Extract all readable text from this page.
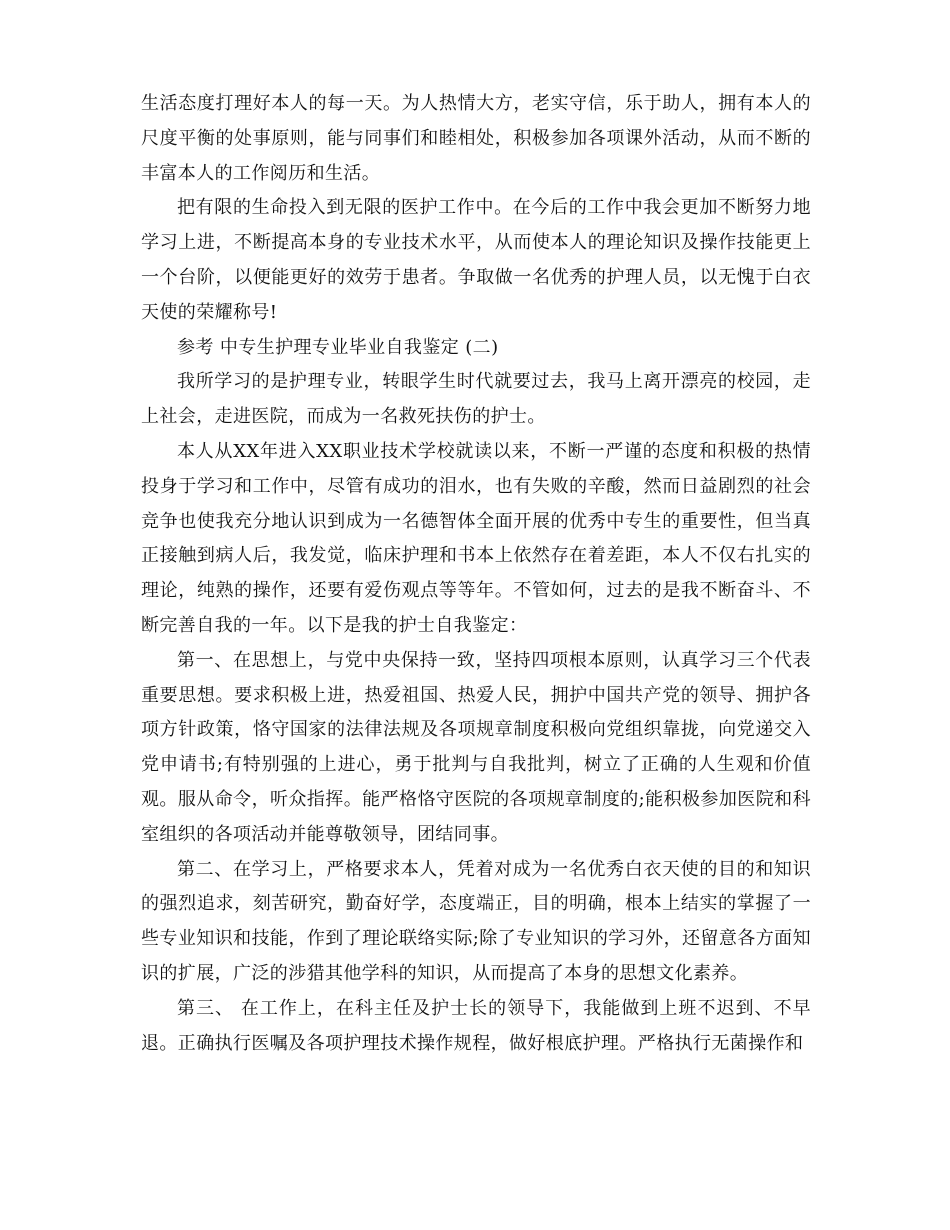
生活态度打理好本人的每一天。为人热情大方，老实守信，乐于助人，拥有本人的尺度平衡的处事原则，能与同事们和睦相处，积极参加各项课外活动，从而不断的丰富本人的工作阅历和生活。

把有限的生命投入到无限的医护工作中。在今后的工作中我会更加不断努力地学习上进，不断提高本身的专业技术水平，从而使本人的理论知识及操作技能更上一个台阶，以便能更好的效劳于患者。争取做一名优秀的护理人员，以无愧于白衣天使的荣耀称号!

参考 中专生护理专业毕业自我鉴定 (二)

我所学习的是护理专业，转眼学生时代就要过去，我马上离开漂亮的校园，走上社会，走进医院，而成为一名救死扶伤的护士。

本人从XX年进入XX职业技术学校就读以来，不断一严谨的态度和积极的热情投身于学习和工作中，尽管有成功的泪水，也有失败的辛酸，然而日益剧烈的社会竞争也使我充分地认识到成为一名德智体全面开展的优秀中专生的重要性，但当真正接触到病人后，我发觉，临床护理和书本上依然存在着差距，本人不仅右扎实的理论，纯熟的操作，还要有爱伤观点等等年。不管如何，过去的是我不断奋斗、不断完善自我的一年。以下是我的护士自我鉴定：

第一、在思想上，与党中央保持一致，坚持四项根本原则，认真学习三个代表重要思想。要求积极上进，热爱祖国、热爱人民，拥护中国共产党的领导、拥护各项方针政策，恪守国家的法律法规及各项规章制度积极向党组织靠拢，向党递交入党申请书;有特别强的上进心，勇于批判与自我批判，树立了正确的人生观和价值观。服从命令，听众指挥。能严格恪守医院的各项规章制度的;能积极参加医院和科室组织的各项活动并能尊敬领导，团结同事。

第二、在学习上，严格要求本人，凭着对成为一名优秀白衣天使的目的和知识的强烈追求，刻苦研究，勤奋好学，态度端正，目的明确，根本上结实的掌握了一些专业知识和技能，作到了理论联络实际;除了专业知识的学习外，还留意各方面知识的扩展，广泛的涉猎其他学科的知识，从而提高了本身的思想文化素养。

第三、 在工作上，在科主任及护士长的领导下，我能做到上班不迟到、不早退。正确执行医嘱及各项护理技术操作规程，做好根底护理。严格执行无菌操作和
